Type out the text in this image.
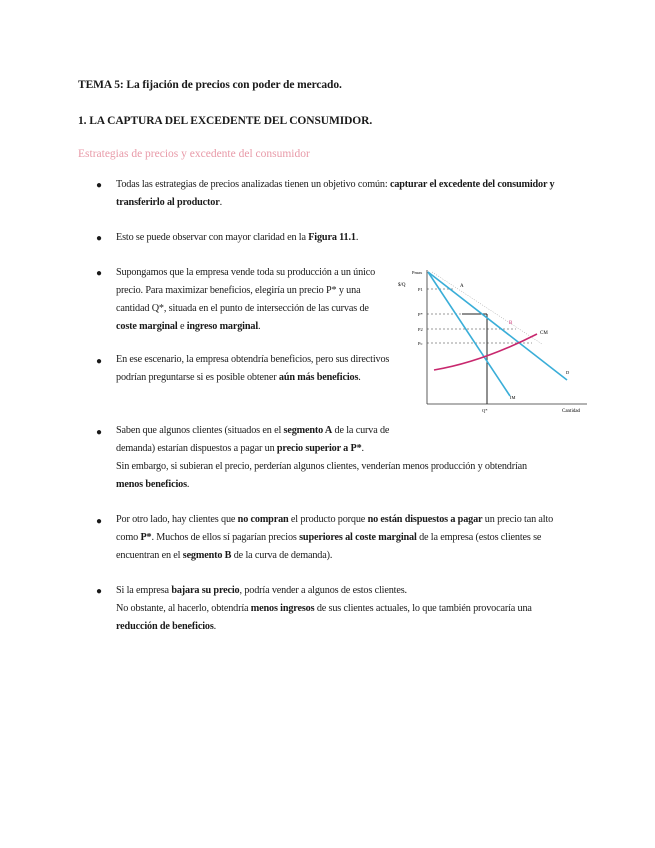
TEMA 5: La fijación de precios con poder de mercado.
1. LA CAPTURA DEL EXCEDENTE DEL CONSUMIDOR.
Estrategias de precios y excedente del consumidor
● Todas las estrategias de precios analizadas tienen un objetivo común: capturar el excedente del consumidor y transferirlo al productor.
● Esto se puede observar con mayor claridad en la Figura 11.1.
● Supongamos que la empresa vende toda su producción a un único precio. Para maximizar beneficios, elegiría un precio P* y una cantidad Q*, situada en el punto de intersección de las curvas de coste marginal e ingreso marginal.
● En ese escenario, la empresa obtendría beneficios, pero sus directivos podrían preguntarse si es posible obtener aún más beneficios.
● Saben que algunos clientes (situados en el segmento A de la curva de demanda) estarían dispuestos a pagar un precio superior a P*.
Sin embargo, si subieran el precio, perderían algunos clientes, venderían menos producción y obtendrían menos beneficios.
● Por otro lado, hay clientes que no compran el producto porque no están dispuestos a pagar un precio tan alto como P*. Muchos de ellos sí pagarían precios superiores al coste marginal de la empresa (estos clientes se encuentran en el segmento B de la curva de demanda).
● Si la empresa bajara su precio, podría vender a algunos de estos clientes.
No obstante, al hacerlo, obtendría menos ingresos de sus clientes actuales, lo que también provocaría una reducción de beneficios.
Pmax
$/Q
P1
P*
P2
Pc
A
B
CM
D
IM
Q*	Cantidad
